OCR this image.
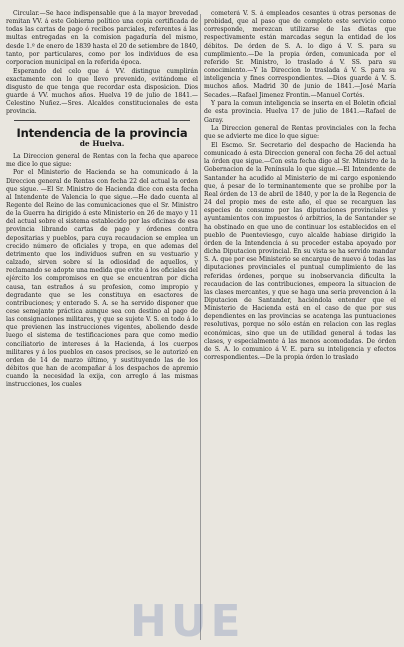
Circular.—Se hace indispensable que á la mayor brevedad remitan VV. á este Gobierno político una copia certificada de todas las cartas de pago ó recibos parciales, referentes á las multas entregadas en la comision pagaduría del mismo, desde 1.º de enero de 1839 hasta el 20 de setiembre de 1840, tanto, por particulares, como por los individuos de esa corporacion municipal en la referida época.

Esperando del celo que á VV. distingue cumplirán exactamente con lo que llevo prevenido, evitándome el disgusto de que tenga que recordar esta disposicion. Dios guarde á VV. muchos años. Huelva 19 de julio de 1841.—Celestino Nuñez.—Sres. Alcaldes constitucionales de esta provincia.

Intendencia de la provincia
de Huelva.

La Direccion general de Rentas con la fecha que aparece me dice lo que sigue:

Por el Ministerio de Hacienda se ha comunicado á la Direccion general de Rentas con fecha 22 del actual la orden que sigue. —El Sr. Ministro de Hacienda dice con esta fecha al Intendente de Valencia lo que sigue.—He dado cuenta al Regente del Reino de las comunicaciones que el Sr. Ministro de la Guerra ha dirigido á este Ministerio en 26 de mayo y 11 del actual sobre el sistema establecido por las oficinas de esa provincia librando cartas de pago y órdenes contra depositarias y pueblos, para cuya recaudacion se emplea un crecido número de oficiales y tropa, en que ademas del detrimento que los individuos sufren en su vestuario y calzado, sirven sobre sí la odiosidad de aquellos, y reclamando se adopte una medida que evite á los oficiales del ejército los compromisos en que se encuentran por dicha causa, tan estraños á su profesion, como impropio y degradante que se les constituya en esactores de contribuciones; y enterado S. A. se ha servido disponer que cese semejante práctica aunque sea con destino al pago de las consignaciones militares, y que se sujete V. S. en todo á lo que previenen las instrucciones vigentes, aboliendo desde luego el sistema de testificaciones para que como medio conciliatorio de intereses á la Hacienda, á los cuerpos militares y á los pueblos en casos precisos, se le autorizó en orden de 14 de marzo último, y sustituyendo las de los débitos que han de acompañar á los despachos de apremio cuando la necesidad la exija, con arreglo á las mismas instrucciones, los cuales

cometerá V. S. á empleados cesantes ú otras personas de probidad, que al paso que de completo este servicio como corresponde, merezcan utilizarse de las dietas que respectivamente están marcadas segun la entidad de los débitos. De órden de S. A. lo digo á V. S. para su cumplimiento.—De la propia órden, comunicada por el referido Sr. Ministro, lo traslado á V. SS. para su conocimiento.—Y la Direccion lo traslada á V. S. para su inteligencia y fines correspondientes. —Dios guarde á V. S. muchos años. Madrid 30 de junio de 1841.—José María Secades.—Rafael Jimenez Frontin.—Manuel Cortés.

Y para la comun inteligencia se inserta en el Boletin oficial de esta provincia. Huelva 17 de julio de 1841.—Rafael de Garay.

La Direccion general de Rentas provinciales con la fecha que se advierte me dice lo que sigue:

El Escmo. Sr. Secretario del despacho de Hacienda ha comunicado á esta Direccion general con fecha 26 del actual la órden que sigue.—Con esta fecha digo al Sr. Ministro de la Gobernacion de la Península lo que sigue.—El Intendente de Santander ha acudido al Ministerio de mi cargo esponiendo que, á pesar de lo terminantemente que se prohibe por la Real órden de 13 de abril de 1840, y por la de la Regencia de 24 del propio mes de este año, el que se recarguen las especies de consumo por las diputaciones provinciales y ayuntamientos con impuestos ó arbitrios, la de Santander se ha obstinado en que uno de continuar los establecidos en el pueblo de Puenteviesgo, cuyo alcalde habiase dirigido la órden de la Intendencia á su proceder estaba apoyado por dicha Diputacion provincial. En su vista se ha servido mandar S. A. que por ese Ministerio se encargue de nuevo á todas las diputaciones provinciales el puntual cumplimiento de las referidas órdenes, porque su inobservancia dificulta la recaudacion de las contribuciones, empeora la situacion de las clases mercantes, y que se haga una seria prevencion á la Diputacion de Santander, haciéndola entender que el Ministerio de Hacienda está en el caso de que por sus dependientes en las provincias se acatenga las puntuaciones resolutivas, porque no sólo están en relacion con las reglas económicas, sino que un de utilidad general á todas las clases, y especialmente á las menos acomodadas. De órden de S. A. lo comunico á V. E. para su inteligencia y efectos correspondientes.—De la propia órden lo traslado

HUE
